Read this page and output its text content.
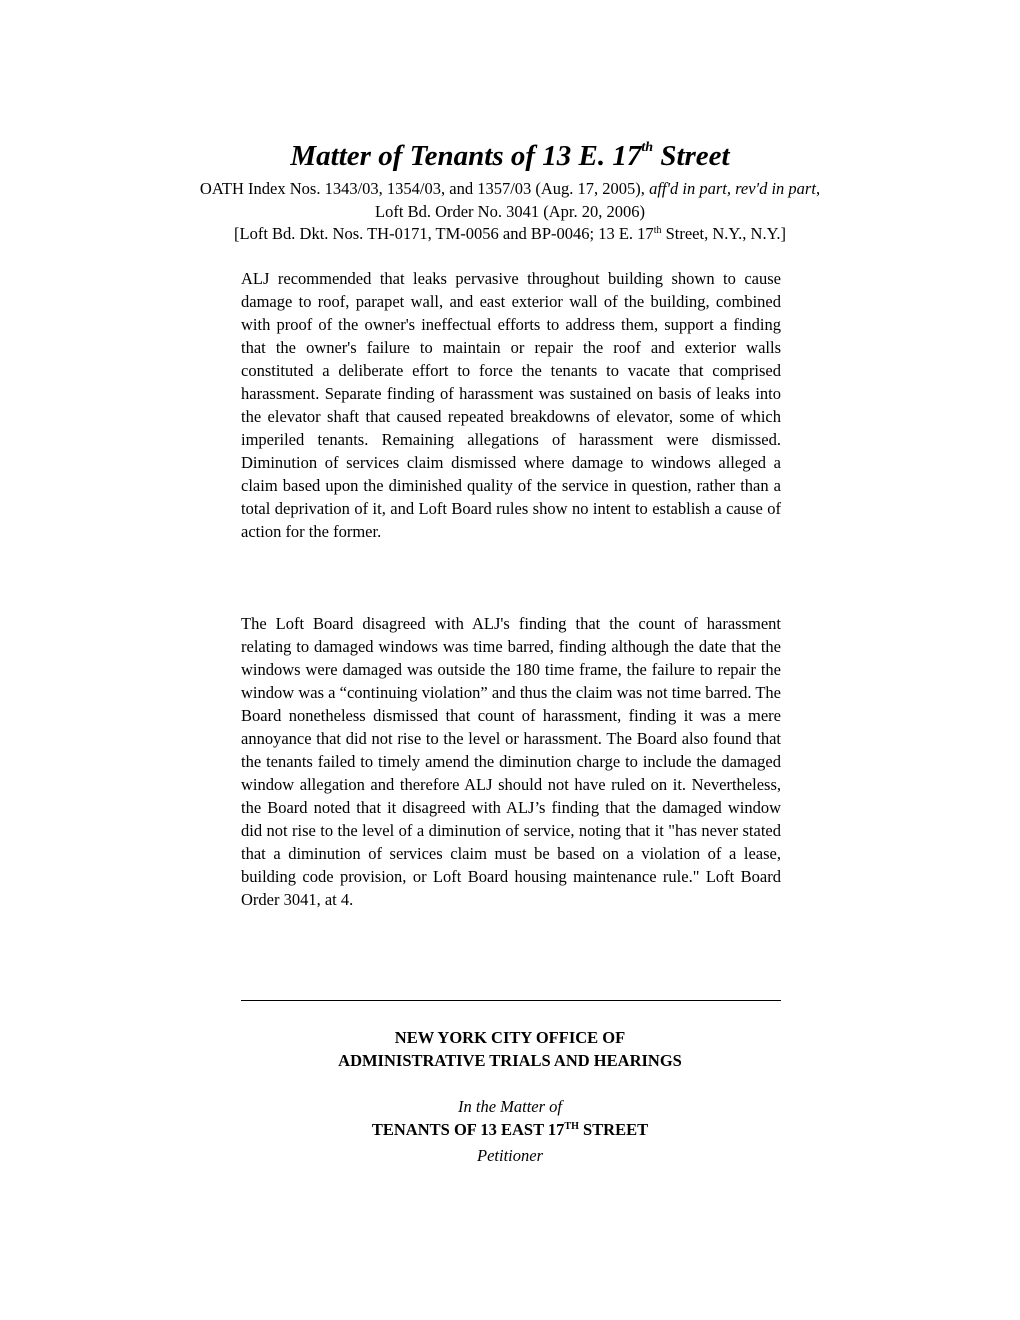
Matter of Tenants of 13 E. 17th Street
OATH Index Nos. 1343/03, 1354/03, and 1357/03 (Aug. 17, 2005), aff'd in part, rev'd in part,
Loft Bd. Order No. 3041 (Apr. 20, 2006)
[Loft Bd. Dkt. Nos. TH-0171, TM-0056 and BP-0046; 13 E. 17th Street, N.Y., N.Y.]

ALJ recommended that leaks pervasive throughout building shown to cause damage to roof, parapet wall, and east exterior wall of the building, combined with proof of the owner's ineffectual efforts to address them, support a finding that the owner's failure to maintain or repair the roof and exterior walls constituted a deliberate effort to force the tenants to vacate that comprised harassment. Separate finding of harassment was sustained on basis of leaks into the elevator shaft that caused repeated breakdowns of elevator, some of which imperiled tenants. Remaining allegations of harassment were dismissed. Diminution of services claim dismissed where damage to windows alleged a claim based upon the diminished quality of the service in question, rather than a total deprivation of it, and Loft Board rules show no intent to establish a cause of action for the former.

The Loft Board disagreed with ALJ's finding that the count of harassment relating to damaged windows was time barred, finding although the date that the windows were damaged was outside the 180 time frame, the failure to repair the window was a “continuing violation” and thus the claim was not time barred. The Board nonetheless dismissed that count of harassment, finding it was a mere annoyance that did not rise to the level or harassment. The Board also found that the tenants failed to timely amend the diminution charge to include the damaged window allegation and therefore ALJ should not have ruled on it. Nevertheless, the Board noted that it disagreed with ALJ’s finding that the damaged window did not rise to the level of a diminution of service, noting that it "has never stated that a diminution of services claim must be based on a violation of a lease, building code provision, or Loft Board housing maintenance rule." Loft Board Order 3041, at 4.

NEW YORK CITY OFFICE OF
ADMINISTRATIVE TRIALS AND HEARINGS
In the Matter of
TENANTS OF 13 EAST 17TH STREET
Petitioner
